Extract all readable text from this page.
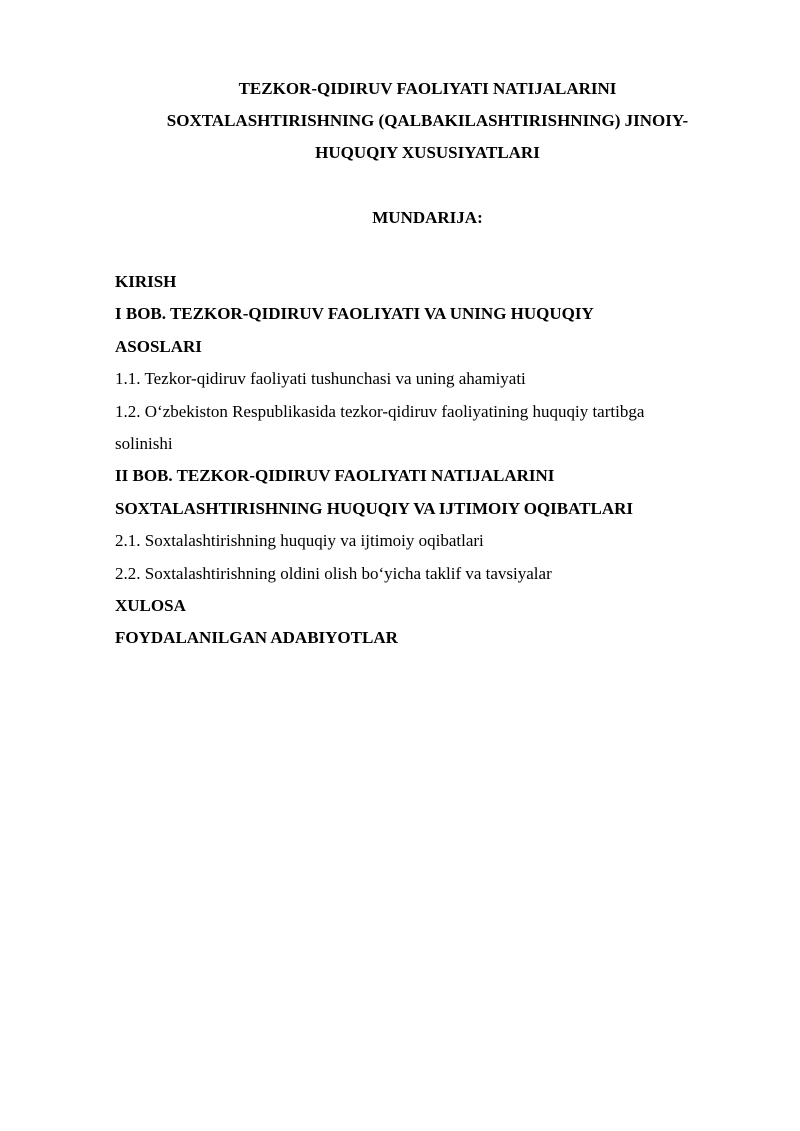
TEZKOR-QIDIRUV FAOLIYATI NATIJALARINI
SOXTALASHTIRISHNING (QALBAKILASHTIRISHNING) JINOIY-
HUQUQIY XUSUSIYATLARI
MUNDARIJA:
KIRISH
I BOB. TEZKOR-QIDIRUV FAOLIYATI VA UNING HUQUQIY
ASOSLARI
1.1. Tezkor-qidiruv faoliyati tushunchasi va uning ahamiyati
1.2. O‘zbekiston Respublikasida tezkor-qidiruv faoliyatining huquqiy tartibga
solinishi
II BOB. TEZKOR-QIDIRUV FAOLIYATI NATIJALARINI
SOXTALASHTIRISHNING HUQUQIY VA IJTIMOIY OQIBATLARI
2.1. Soxtalashtirishning huquqiy va ijtimoiy oqibatlari
2.2. Soxtalashtirishning oldini olish bo‘yicha taklif va tavsiyalar
XULOSA
FOYDALANILGAN ADABIYOTLAR
